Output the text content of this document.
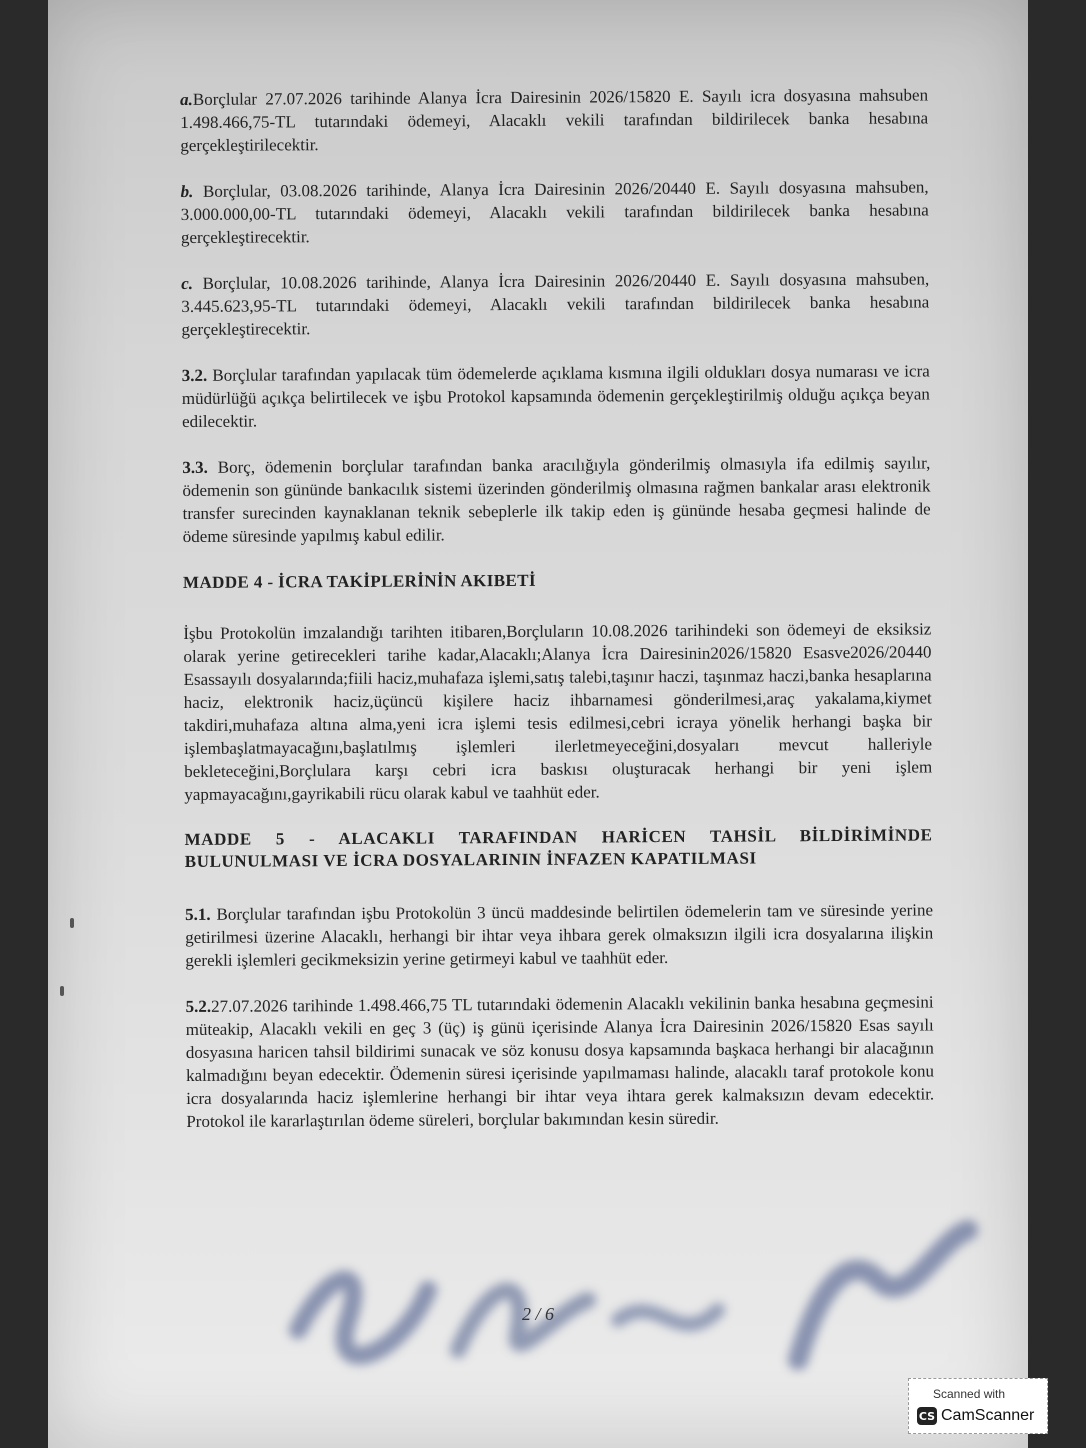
a.Borçlular 27.07.2026 tarihinde Alanya İcra Dairesinin 2026/15820 E. Sayılı icra dosyasına mahsuben 1.498.466,75-TL tutarındaki ödemeyi, Alacaklı vekili tarafından bildirilecek banka hesabına gerçekleştirilecektir.

b. Borçlular, 03.08.2026 tarihinde, Alanya İcra Dairesinin 2026/20440 E. Sayılı dosyasına mahsuben, 3.000.000,00-TL tutarındaki ödemeyi, Alacaklı vekili tarafından bildirilecek banka hesabına gerçekleştirecektir.

c. Borçlular, 10.08.2026 tarihinde, Alanya İcra Dairesinin 2026/20440 E. Sayılı dosyasına mahsuben, 3.445.623,95-TL tutarındaki ödemeyi, Alacaklı vekili tarafından bildirilecek banka hesabına gerçekleştirecektir.

3.2. Borçlular tarafından yapılacak tüm ödemelerde açıklama kısmına ilgili oldukları dosya numarası ve icra müdürlüğü açıkça belirtilecek ve işbu Protokol kapsamında ödemenin gerçekleştirilmiş olduğu açıkça beyan edilecektir.

3.3. Borç, ödemenin borçlular tarafından banka aracılığıyla gönderilmiş olmasıyla ifa edilmiş sayılır, ödemenin son gününde bankacılık sistemi üzerinden gönderilmiş olmasına rağmen bankalar arası elektronik transfer surecinden kaynaklanan teknik sebeplerle ilk takip eden iş gününde hesaba geçmesi halinde de ödeme süresinde yapılmış kabul edilir.

MADDE 4 - İCRA TAKİPLERİNİN AKIBETİ

İşbu Protokolün imzalandığı tarihten itibaren,Borçluların 10.08.2026 tarihindeki son ödemeyi de eksiksiz olarak yerine getirecekleri tarihe kadar,Alacaklı;Alanya İcra Dairesinin2026/15820 Esasve2026/20440 Esassayılı dosyalarında;fiili haciz,muhafaza işlemi,satış talebi,taşınır haczi, taşınmaz haczi,banka hesaplarına haciz, elektronik haciz,üçüncü kişilere haciz ihbarnamesi gönderilmesi,araç yakalama,kiymet takdiri,muhafaza altına alma,yeni icra işlemi tesis edilmesi,cebri icraya yönelik herhangi başka bir işlembaşlatmayacağını,başlatılmış işlemleri ilerletmeyeceğini,dosyaları mevcut halleriyle bekleteceğini,Borçlulara karşı cebri icra baskısı oluşturacak herhangi bir yeni işlem yapmayacağını,gayrikabili rücu olarak kabul ve taahhüt eder.

MADDE 5 - ALACAKLI TARAFINDAN HARİCEN TAHSİL BİLDİRİMİNDE BULUNULMASI VE İCRA DOSYALARININ İNFAZEN KAPATILMASI

5.1. Borçlular tarafından işbu Protokolün 3 üncü maddesinde belirtilen ödemelerin tam ve süresinde yerine getirilmesi üzerine Alacaklı, herhangi bir ihtar veya ihbara gerek olmaksızın ilgili icra dosyalarına ilişkin gerekli işlemleri gecikmeksizin yerine getirmeyi kabul ve taahhüt eder.

5.2.27.07.2026 tarihinde 1.498.466,75 TL tutarındaki ödemenin Alacaklı vekilinin banka hesabına geçmesini müteakip, Alacaklı vekili en geç 3 (üç) iş günü içerisinde Alanya İcra Dairesinin 2026/15820 Esas sayılı dosyasına haricen tahsil bildirimi sunacak ve söz konusu dosya kapsamında başkaca herhangi bir alacağının kalmadığını beyan edecektir. Ödemenin süresi içerisinde yapılmaması halinde, alacaklı taraf protokole konu icra dosyalarında haciz işlemlerine herhangi bir ihtar veya ihtara gerek kalmaksızın devam edecektir. Protokol ile kararlaştırılan ödeme süreleri, borçlular bakımından kesin süredir.

2 / 6
Scanned with
CS CamScanner
